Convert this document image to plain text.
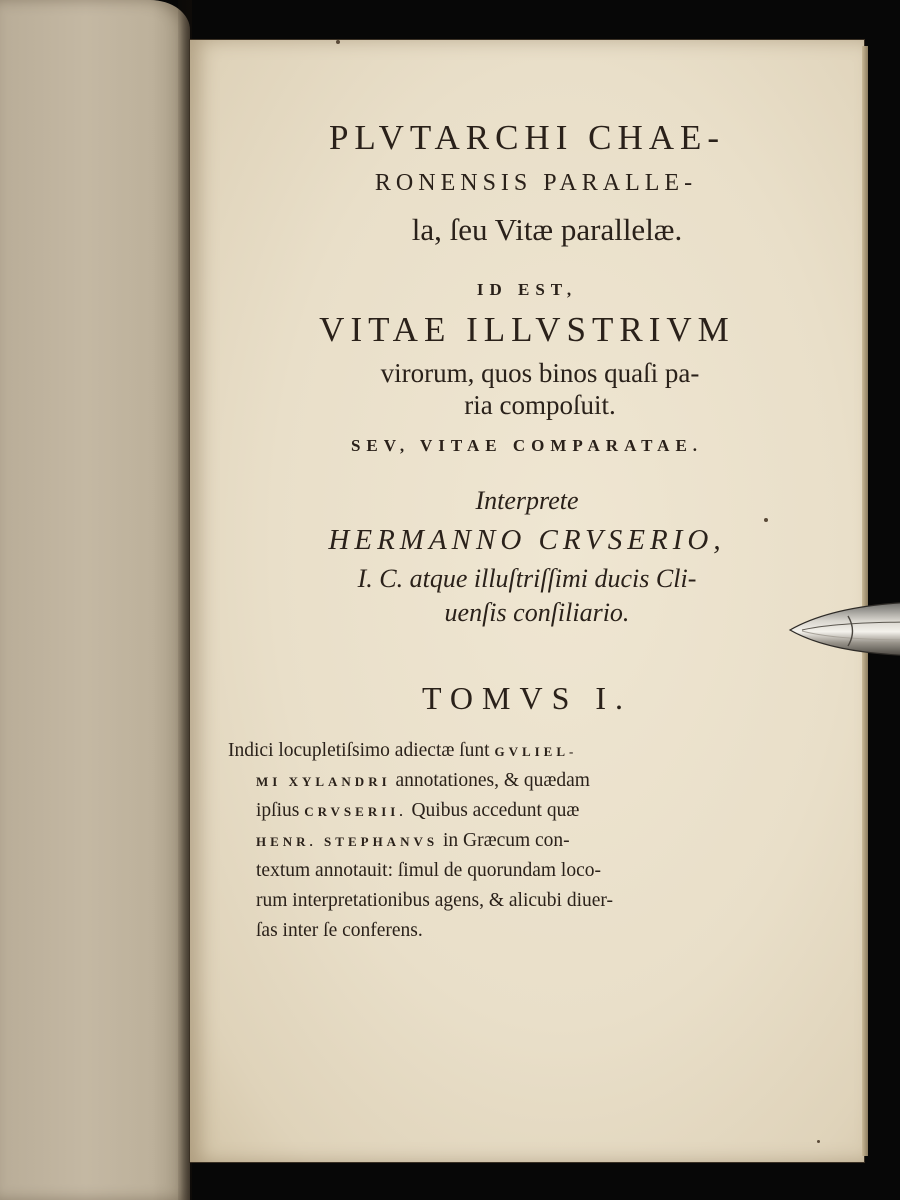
PLVTARCHI CHAE-
RONENSIS PARALLE-
la, ſeu Vitæ parallelæ.
ID EST,
VITAE ILLVSTRIVM
virorum, quos binos quaſi pa-
ria compoſuit.
SEV, VITAE COMPARATAE.
Interprete
HERMANNO CRVSERIO,
I. C. atque illuſtriſſimi ducis Cli-
uenſis conſiliario.
TOMVS I.
Indici locupletiſsimo adiectæ ſunt GVLIEL-
MI XYLANDRI annotationes, & quædam
ipſius CRVSERII. Quibus accedunt quæ
HENR. STEPHANVS in Græcum con-
textum annotauit: ſimul de quorundam loco-
rum interpretationibus agens, & alicubi diuer-
ſas inter ſe conferens.
